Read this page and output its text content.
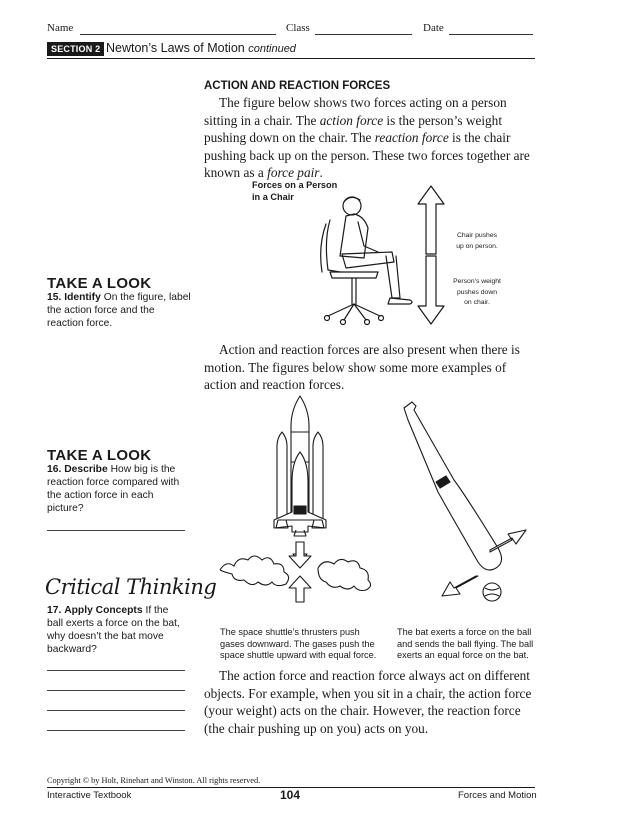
Name	Class	Date
SECTION 2 Newton’s Laws of Motion continued
ACTION AND REACTION FORCES
The figure below shows two forces acting on a person sitting in a chair. The action force is the person’s weight pushing down on the chair. The reaction force is the chair pushing back up on the person. These two forces together are known as a force pair.
Forces on a Person
in a Chair
Chair pushes
up on person.
Person’s weight
pushes down
on chair.
TAKE A LOOK
15. Identify On the figure, label the action force and the reaction force.
Action and reaction forces are also present when there is motion. The figures below show some more examples of action and reaction forces.
TAKE A LOOK
16. Describe How big is the reaction force compared with the action force in each picture?
The space shuttle’s thrusters push gases downward. The gases push the space shuttle upward with equal force.
The bat exerts a force on the ball and sends the ball flying. The ball exerts an equal force on the bat.
Critical Thinking
17. Apply Concepts If the ball exerts a force on the bat, why doesn’t the bat move backward?
The action force and reaction force always act on different objects. For example, when you sit in a chair, the action force (your weight) acts on the chair. However, the reaction force (the chair pushing up on you) acts on you.
Copyright © by Holt, Rinehart and Winston. All rights reserved.
Interactive Textbook	104	Forces and Motion
